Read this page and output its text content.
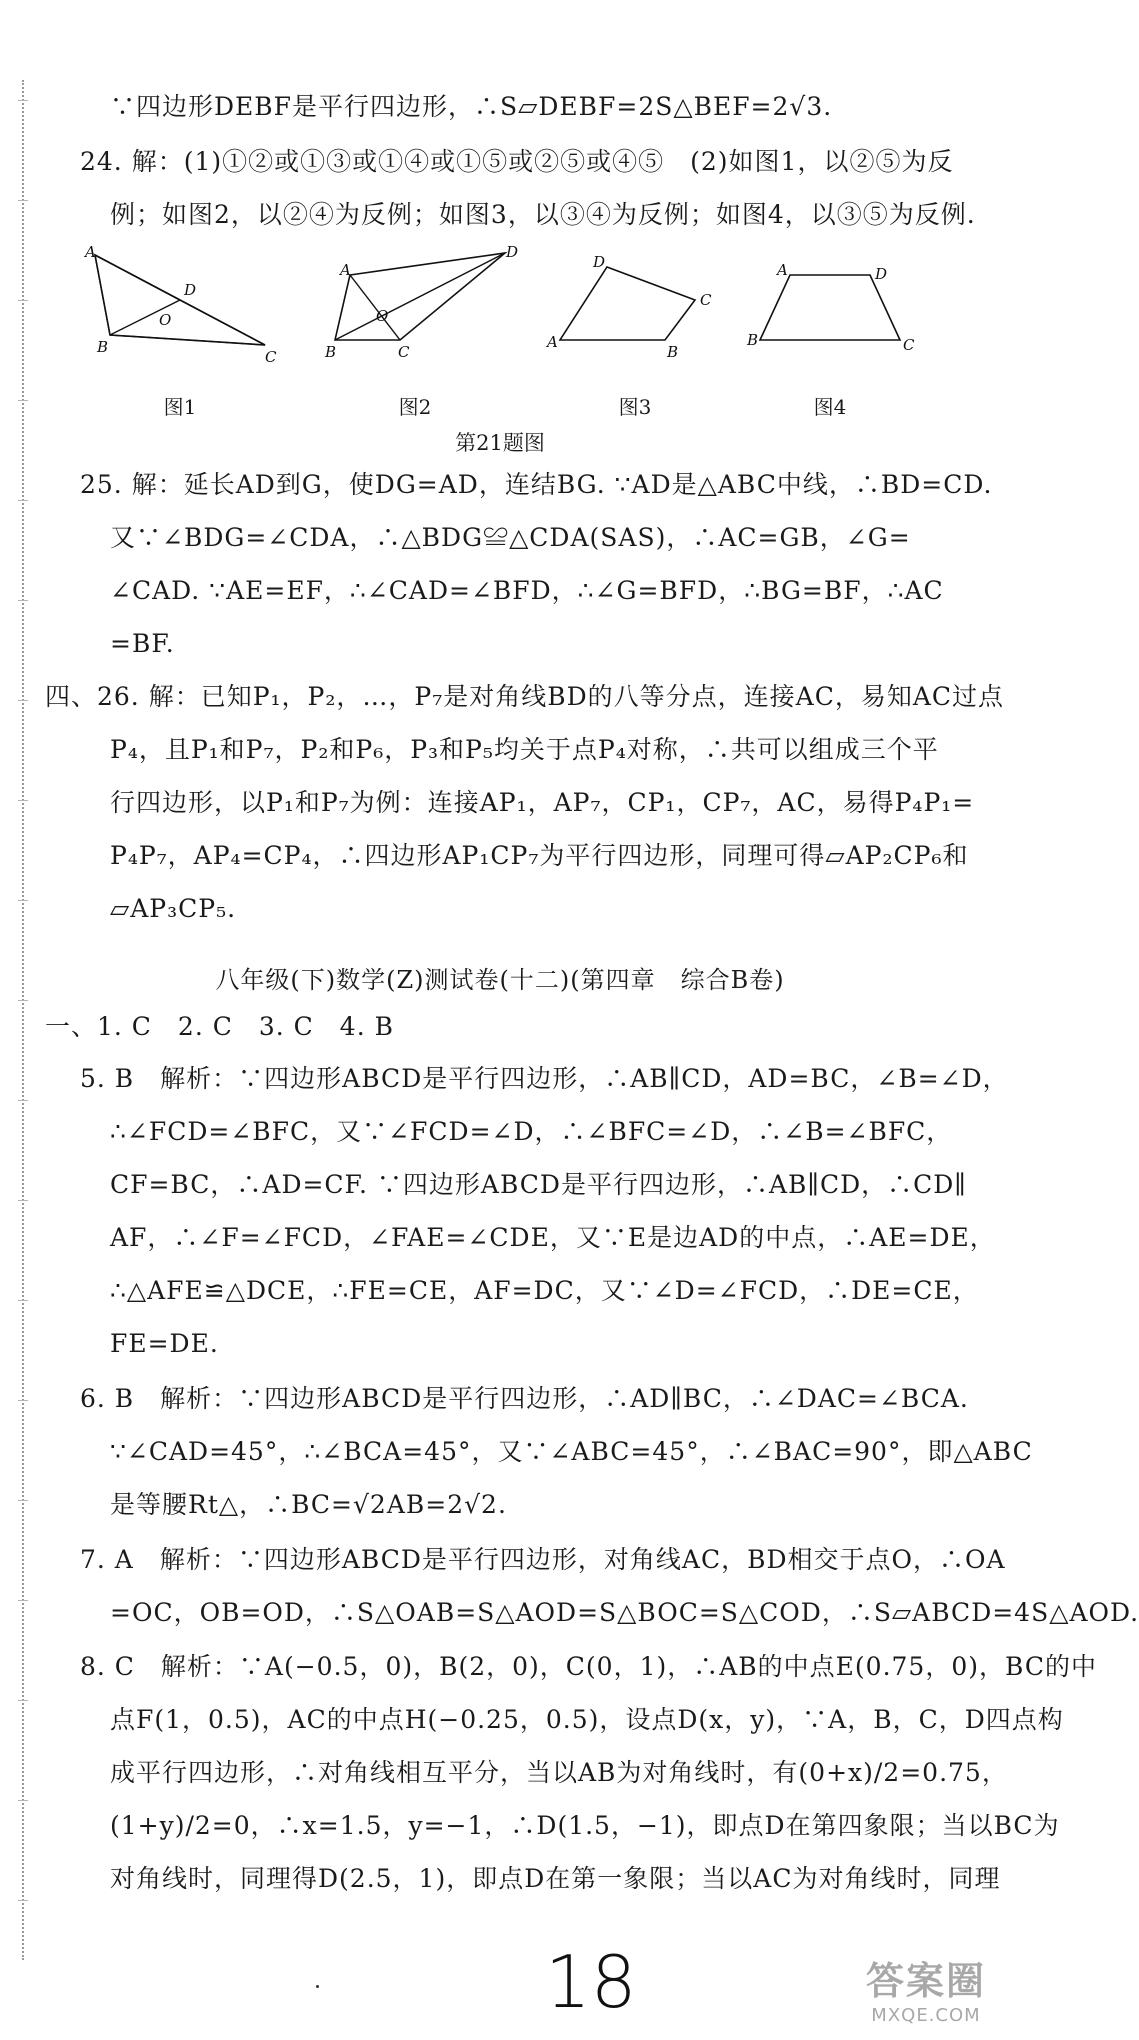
∵四边形DEBF是平行四边形，∴S▱DEBF=2S△BEF=2√3.
24. 解：(1)①②或①③或①④或①⑤或②⑤或④⑤　(2)如图1，以②⑤为反
例；如图2，以②④为反例；如图3，以③④为反例；如图4，以③⑤为反例.
A
D
O
B
C
图1
A
D
O
B	C
图2
D
C
A
B
图3
A	D
B	C
图4
第21题图
25. 解：延长AD到G，使DG=AD，连结BG. ∵AD是△ABC中线，∴BD=CD.
又∵∠BDG=∠CDA，∴△BDG≌△CDA(SAS)，∴AC=GB，∠G=
∠CAD. ∵AE=EF，∴∠CAD=∠BFD，∴∠G=BFD，∴BG=BF，∴AC
=BF.
四、26. 解：已知P₁，P₂，…，P₇是对角线BD的八等分点，连接AC，易知AC过点
P₄，且P₁和P₇，P₂和P₆，P₃和P₅均关于点P₄对称，∴共可以组成三个平
行四边形，以P₁和P₇为例：连接AP₁，AP₇，CP₁，CP₇，AC，易得P₄P₁=
P₄P₇，AP₄=CP₄，∴四边形AP₁CP₇为平行四边形，同理可得▱AP₂CP₆和
▱AP₃CP₅.
八年级(下)数学(Z)测试卷(十二)(第四章　综合B卷)
一、1. C　2. C　3. C　4. B
5. B　解析：∵四边形ABCD是平行四边形，∴AB∥CD，AD=BC，∠B=∠D，
∴∠FCD=∠BFC，又∵∠FCD=∠D，∴∠BFC=∠D，∴∠B=∠BFC，
CF=BC，∴AD=CF. ∵四边形ABCD是平行四边形，∴AB∥CD，∴CD∥
AF，∴∠F=∠FCD，∠FAE=∠CDE，又∵E是边AD的中点，∴AE=DE，
∴△AFE≌△DCE，∴FE=CE，AF=DC，又∵∠D=∠FCD，∴DE=CE，
FE=DE.
6. B　解析：∵四边形ABCD是平行四边形，∴AD∥BC，∴∠DAC=∠BCA.
∵∠CAD=45°，∴∠BCA=45°，又∵∠ABC=45°，∴∠BAC=90°，即△ABC
是等腰Rt△，∴BC=√2AB=2√2.
7. A　解析：∵四边形ABCD是平行四边形，对角线AC，BD相交于点O，∴OA
=OC，OB=OD，∴S△OAB=S△AOD=S△BOC=S△COD，∴S▱ABCD=4S△AOD.
8. C　解析：∵A(−0.5，0)，B(2，0)，C(0，1)，∴AB的中点E(0.75，0)，BC的中
点F(1，0.5)，AC的中点H(−0.25，0.5)，设点D(x，y)，∵A，B，C，D四点构
成平行四边形，∴对角线相互平分，当以AB为对角线时，有(0+x)/2=0.75，
(1+y)/2=0，∴x=1.5，y=−1，∴D(1.5，−1)，即点D在第四象限；当以BC为
对角线时，同理得D(2.5，1)，即点D在第一象限；当以AC为对角线时，同理
18	答案圈
MXQE.COM
